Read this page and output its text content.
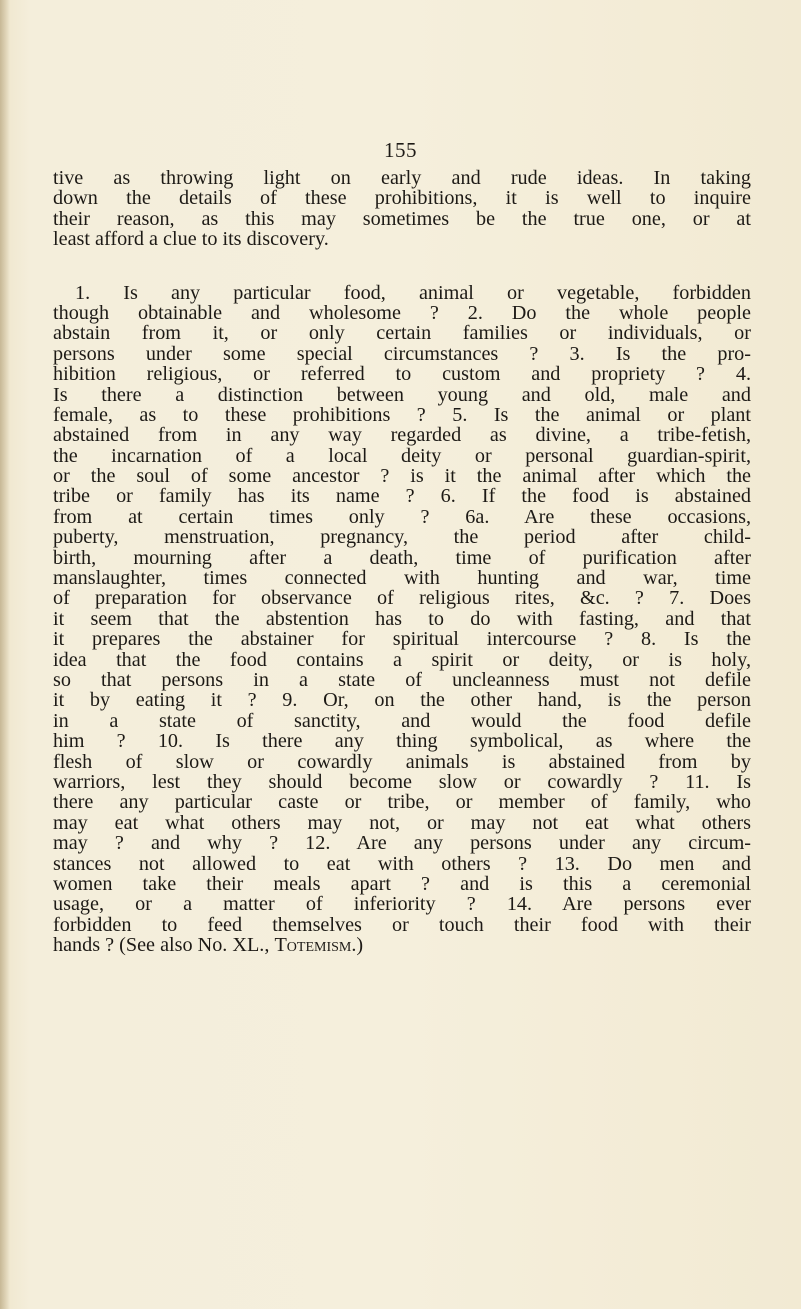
155
tive as throwing light on early and rude ideas. In taking
down the details of these prohibitions, it is well to inquire
their reason, as this may sometimes be the true one, or at
least afford a clue to its discovery.
1. Is any particular food, animal or vegetable, forbidden
though obtainable and wholesome ? 2. Do the whole people
abstain from it, or only certain families or individuals, or
persons under some special circumstances ? 3. Is the pro-
hibition religious, or referred to custom and propriety ? 4.
Is there a distinction between young and old, male and
female, as to these prohibitions ? 5. Is the animal or plant
abstained from in any way regarded as divine, a tribe-fetish,
the incarnation of a local deity or personal guardian-spirit,
or the soul of some ancestor ? is it the animal after which the
tribe or family has its name ? 6. If the food is abstained
from at certain times only ? 6a. Are these occasions,
puberty, menstruation, pregnancy, the period after child-
birth, mourning after a death, time of purification after
manslaughter, times connected with hunting and war, time
of preparation for observance of religious rites, &c. ? 7. Does
it seem that the abstention has to do with fasting, and that
it prepares the abstainer for spiritual intercourse ? 8. Is the
idea that the food contains a spirit or deity, or is holy,
so that persons in a state of uncleanness must not defile
it by eating it ? 9. Or, on the other hand, is the person
in a state of sanctity, and would the food defile
him ? 10. Is there any thing symbolical, as where the
flesh of slow or cowardly animals is abstained from by
warriors, lest they should become slow or cowardly ? 11. Is
there any particular caste or tribe, or member of family, who
may eat what others may not, or may not eat what others
may ? and why ? 12. Are any persons under any circum-
stances not allowed to eat with others ? 13. Do men and
women take their meals apart ? and is this a ceremonial
usage, or a matter of inferiority ? 14. Are persons ever
forbidden to feed themselves or touch their food with their
hands ? (See also No. XL., Totemism.)
